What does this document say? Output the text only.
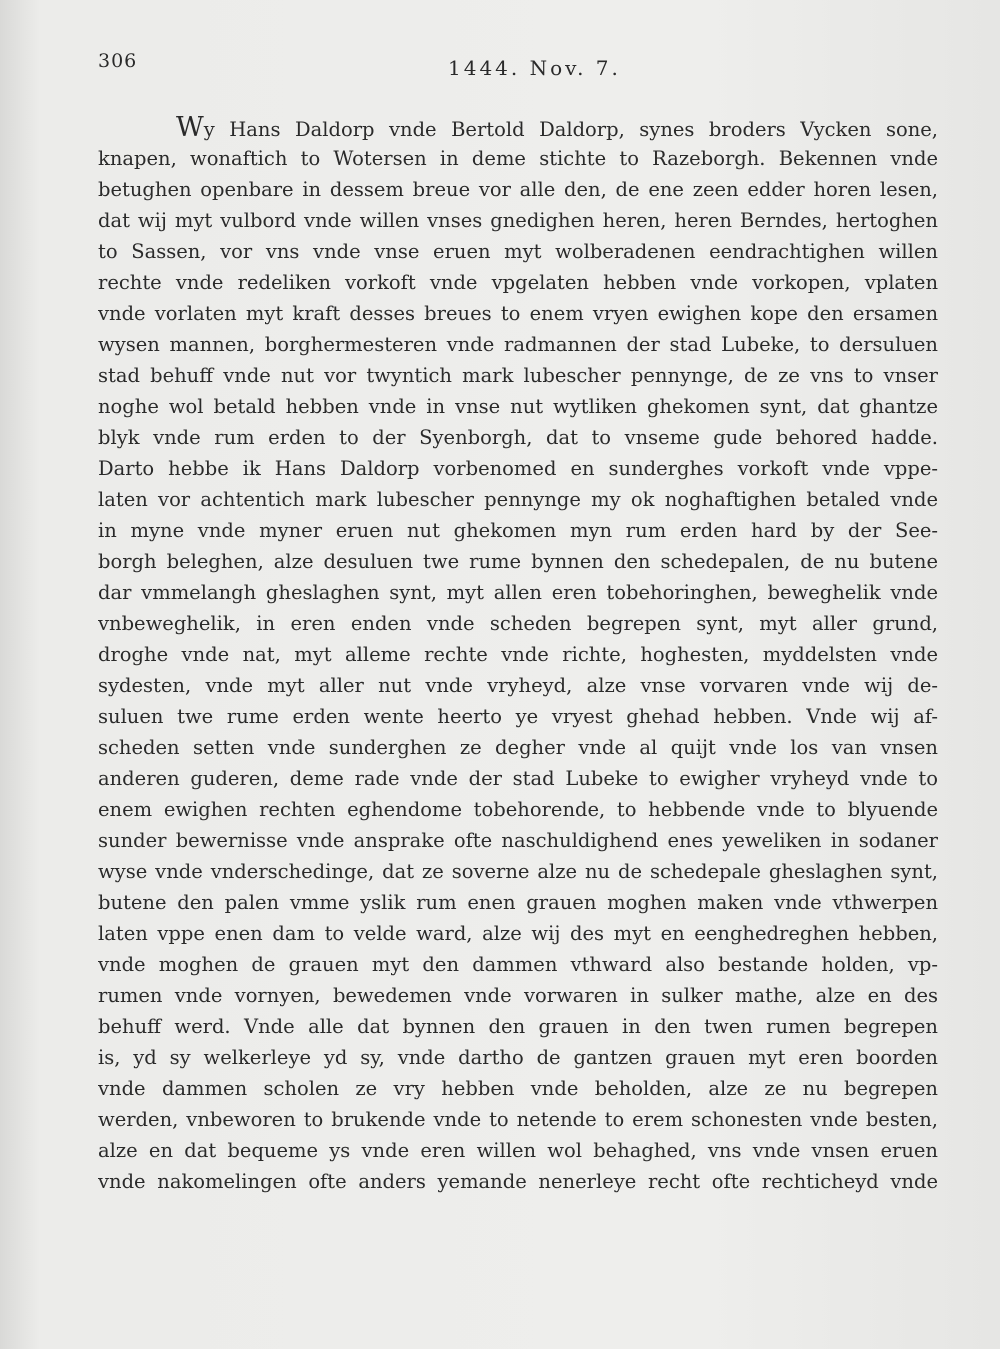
306	1444. Nov. 7.
Wy Hans Daldorp vnde Bertold Daldorp, synes broders Vycken sone,
knapen, wonaftich to Wotersen in deme stichte to Razeborgh. Bekennen vnde
betughen openbare in dessem breue vor alle den, de ene zeen edder horen lesen,
dat wij myt vulbord vnde willen vnses gnedighen heren, heren Berndes, hertoghen
to Sassen, vor vns vnde vnse eruen myt wolberadenen eendrachtighen willen
rechte vnde redeliken vorkoft vnde vpgelaten hebben vnde vorkopen, vplaten
vnde vorlaten myt kraft desses breues to enem vryen ewighen kope den ersamen
wysen mannen, borghermesteren vnde radmannen der stad Lubeke, to dersuluen
stad behuff vnde nut vor twyntich mark lubescher pennynge, de ze vns to vnser
noghe wol betald hebben vnde in vnse nut wytliken ghekomen synt, dat ghantze
blyk vnde rum erden to der Syenborgh, dat to vnseme gude behored hadde.
Darto hebbe ik Hans Daldorp vorbenomed en sunderghes vorkoft vnde vppe-
laten vor achtentich mark lubescher pennynge my ok noghaftighen betaled vnde
in myne vnde myner eruen nut ghekomen myn rum erden hard by der See-
borgh beleghen, alze desuluen twe rume bynnen den schedepalen, de nu butene
dar vmmelangh gheslaghen synt, myt allen eren tobehoringhen, beweghelik vnde
vnbeweghelik, in eren enden vnde scheden begrepen synt, myt aller grund,
droghe vnde nat, myt alleme rechte vnde richte, hoghesten, myddelsten vnde
sydesten, vnde myt aller nut vnde vryheyd, alze vnse vorvaren vnde wij de-
suluen twe rume erden wente heerto ye vryest ghehad hebben. Vnde wij af-
scheden setten vnde sunderghen ze degher vnde al quijt vnde los van vnsen
anderen guderen, deme rade vnde der stad Lubeke to ewigher vryheyd vnde to
enem ewighen rechten eghendome tobehorende, to hebbende vnde to blyuende
sunder bewernisse vnde ansprake ofte naschuldighend enes yeweliken in sodaner
wyse vnde vnderschedinge, dat ze soverne alze nu de schedepale gheslaghen synt,
butene den palen vmme yslik rum enen grauen moghen maken vnde vthwerpen
laten vppe enen dam to velde ward, alze wij des myt en eenghedreghen hebben,
vnde moghen de grauen myt den dammen vthward also bestande holden, vp-
rumen vnde vornyen, bewedemen vnde vorwaren in sulker mathe, alze en des
behuff werd. Vnde alle dat bynnen den grauen in den twen rumen begrepen
is, yd sy welkerleye yd sy, vnde dartho de gantzen grauen myt eren boorden
vnde dammen scholen ze vry hebben vnde beholden, alze ze nu begrepen
werden, vnbeworen to brukende vnde to netende to erem schonesten vnde besten,
alze en dat bequeme ys vnde eren willen wol behaghed, vns vnde vnsen eruen
vnde nakomelingen ofte anders yemande nenerleye recht ofte rechticheyd vnde
